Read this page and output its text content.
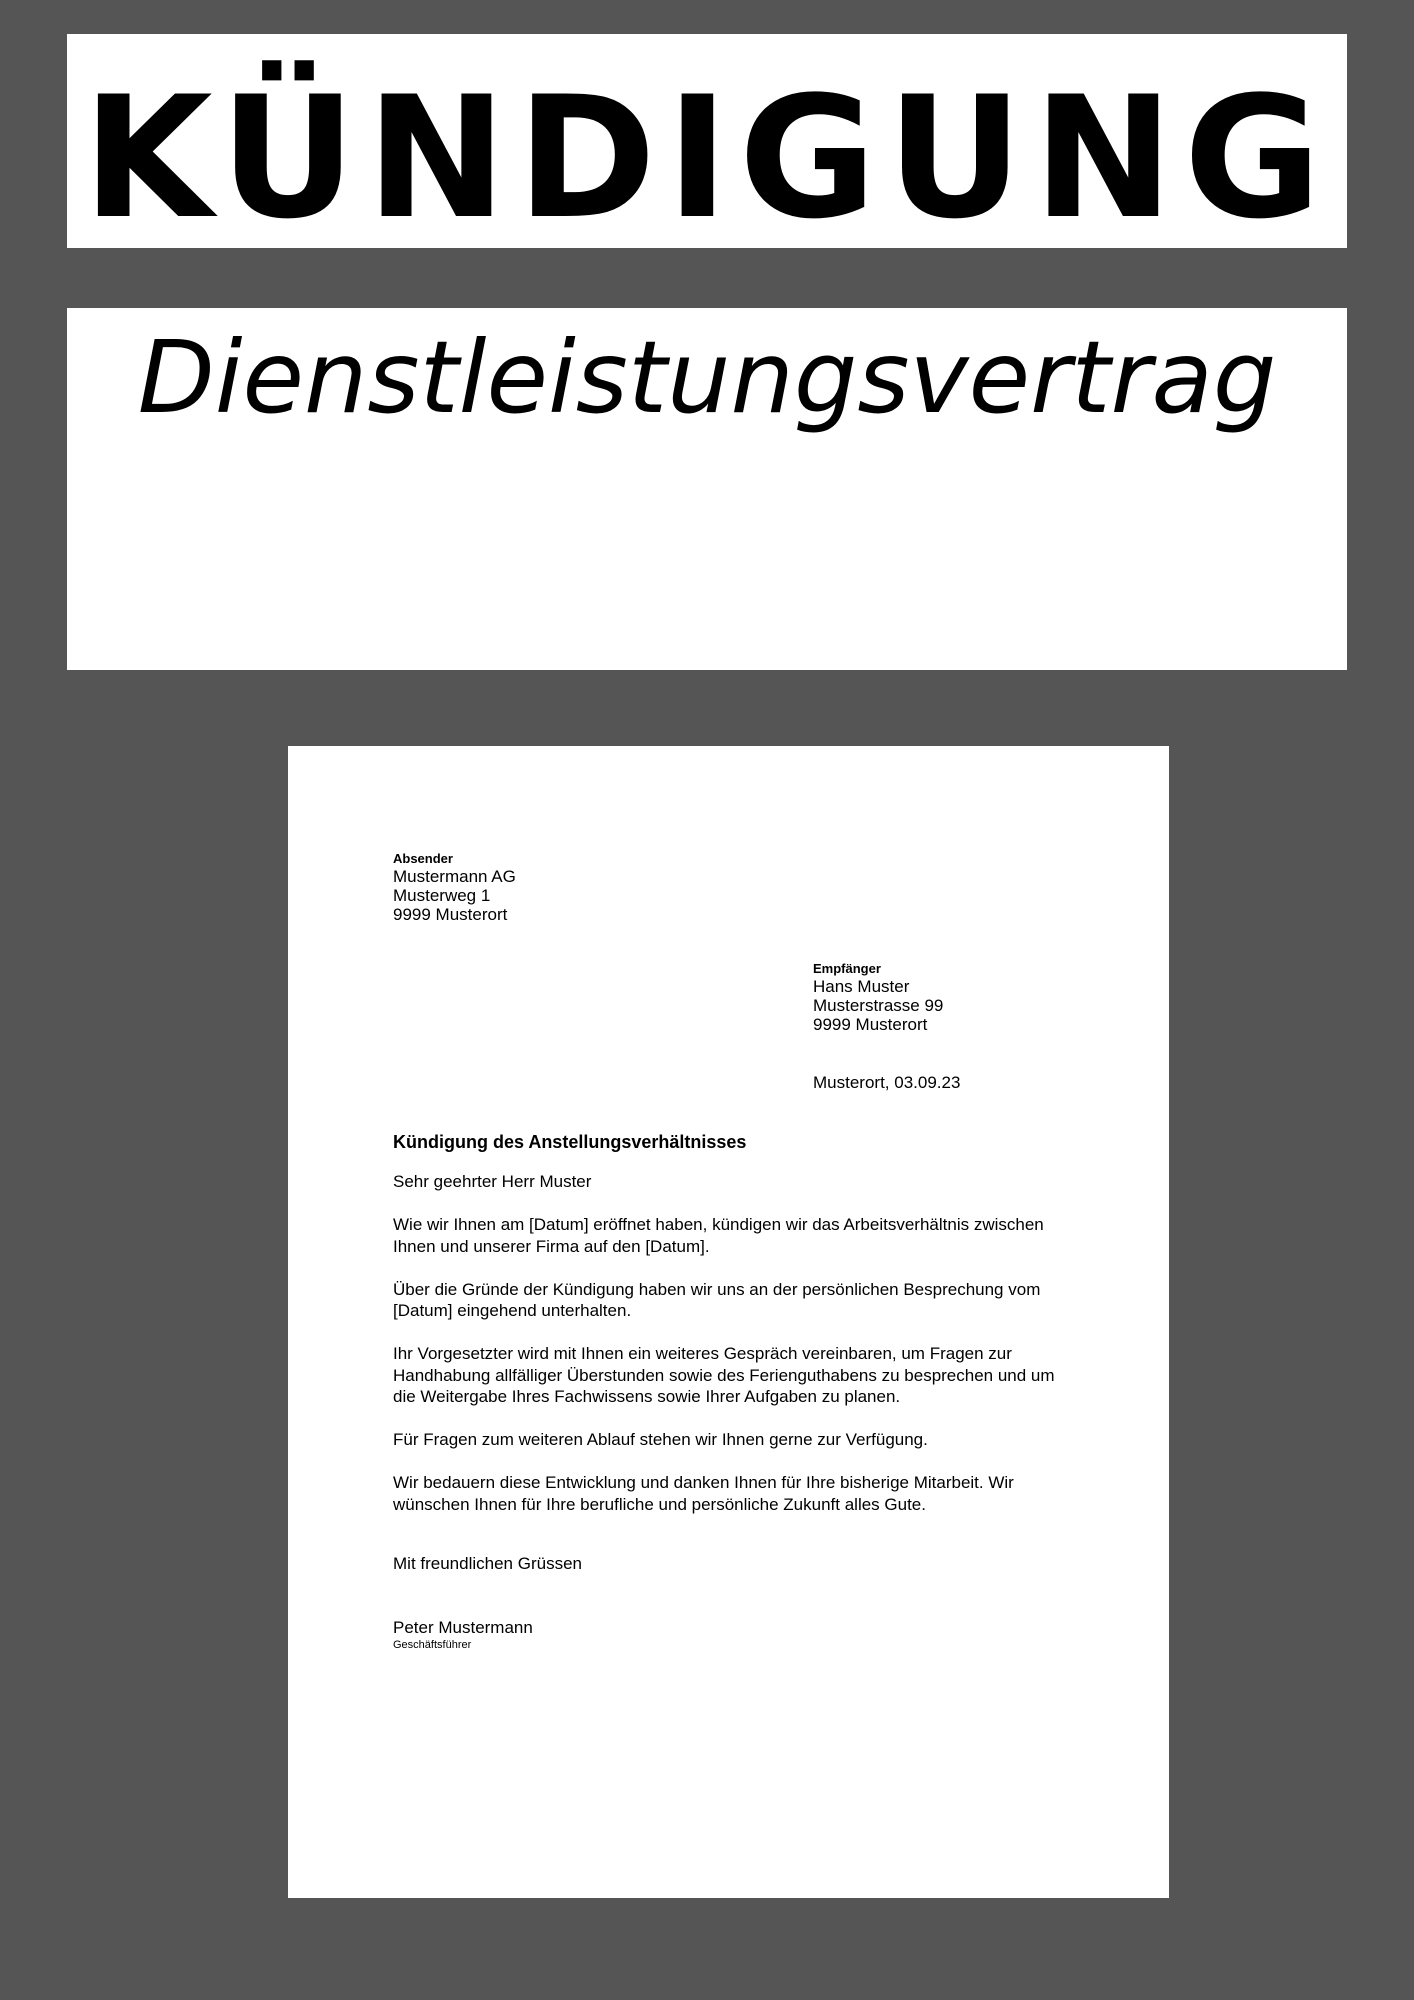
KÜNDIGUNG
Dienstleistungsvertrag
Absender
Mustermann AG
Musterweg 1
9999 Musterort
Empfänger
Hans Muster
Musterstrasse 99
9999 Musterort
Musterort, 03.09.23
Kündigung des Anstellungsverhältnisses

Sehr geehrter Herr Muster

Wie wir Ihnen am [Datum] eröffnet haben, kündigen wir das Arbeitsverhältnis zwischen Ihnen und unserer Firma auf den [Datum].

Über die Gründe der Kündigung haben wir uns an der persönlichen Besprechung vom [Datum] eingehend unterhalten.

Ihr Vorgesetzter wird mit Ihnen ein weiteres Gespräch vereinbaren, um Fragen zur Handhabung allfälliger Überstunden sowie des Ferienguthabens zu besprechen und um die Weitergabe Ihres Fachwissens sowie Ihrer Aufgaben zu planen.

Für Fragen zum weiteren Ablauf stehen wir Ihnen gerne zur Verfügung.

Wir bedauern diese Entwicklung und danken Ihnen für Ihre bisherige Mitarbeit. Wir wünschen Ihnen für Ihre berufliche und persönliche Zukunft alles Gute.

Mit freundlichen Grüssen
Peter Mustermann
Geschäftsführer
